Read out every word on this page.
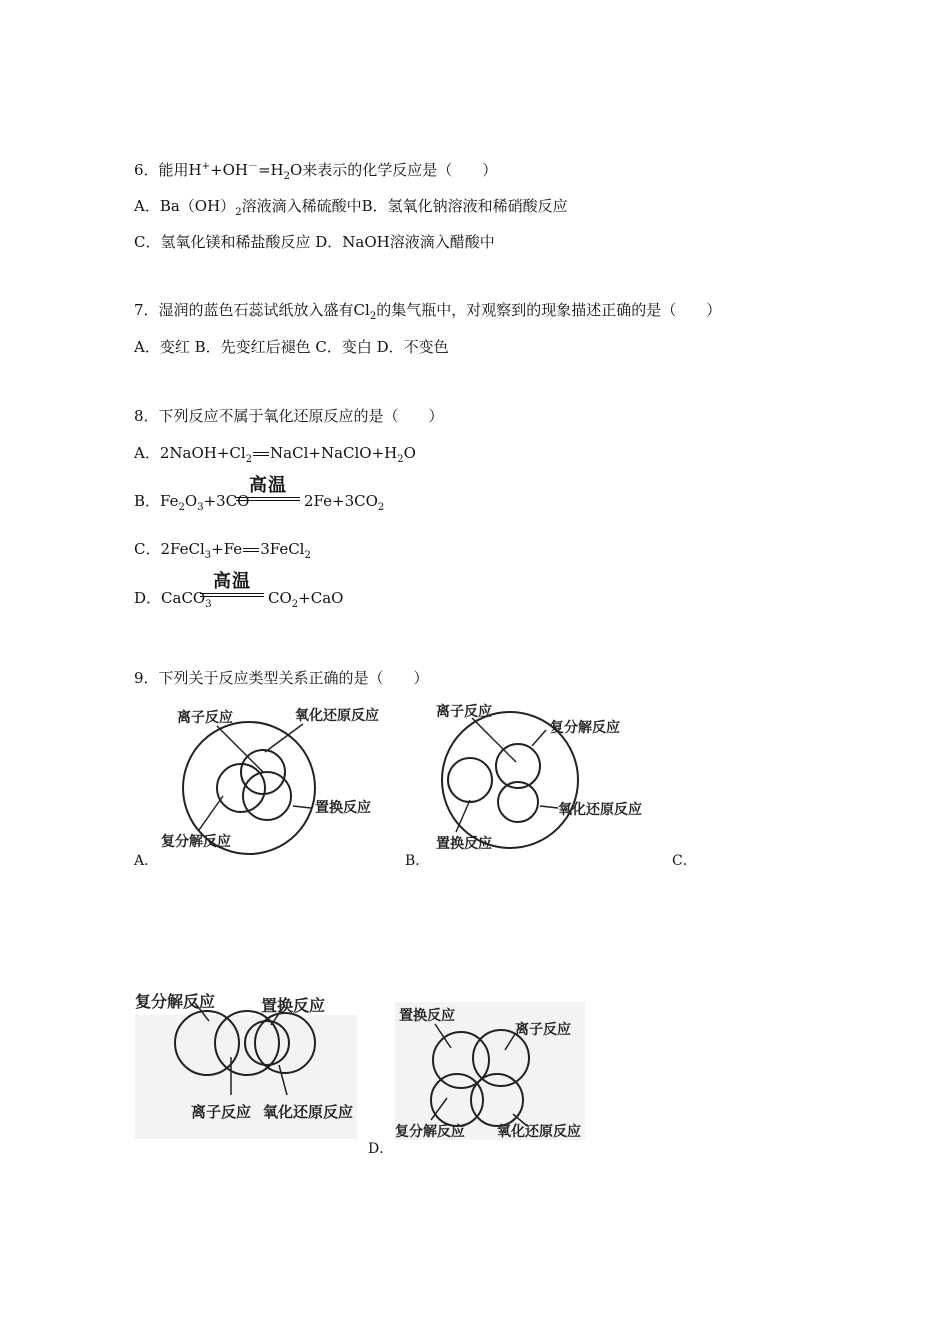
6．能用$H^++OH^-=H_2O$来表示的化学反应是（　　）
A．$Ba(OH)_2$溶液滴入稀硫酸中B．氢氧化钠溶液和稀硝酸反应
C．氢氧化镁和稀盐酸反应 D．NaOH溶液滴入醋酸中
7．湿润的蓝色石蕊试纸放入盛有$Cl_2$的集气瓶中，对观察到的现象描述正确的是（　　）
A．变红 B．先变红后褪色 C．变白 D．不变色
8．下列反应不属于氧化还原反应的是（　　）
A．$2NaOH+Cl_2$ $NaCl+NaClO+H_2O$
B．$Fe_2O_3+3CO$
高温
$2Fe+3CO_2$
C．2FeCl$_3$+Fe 3FeCl$_2$
D．CaCO$_3$
高温
$CO_2+CaO$
9．下列关于反应类型关系正确的是（　　）
离子反应	氧化还原反应
置换反应
复分解反应
A．
离子反应
复分解反应
氧化还原反应
置换反应
B．	C．
复分解反应	置换反应
离子反应 氧化还原反应
置换反应
离子反应
复分解反应 氧化还原反应
D．
